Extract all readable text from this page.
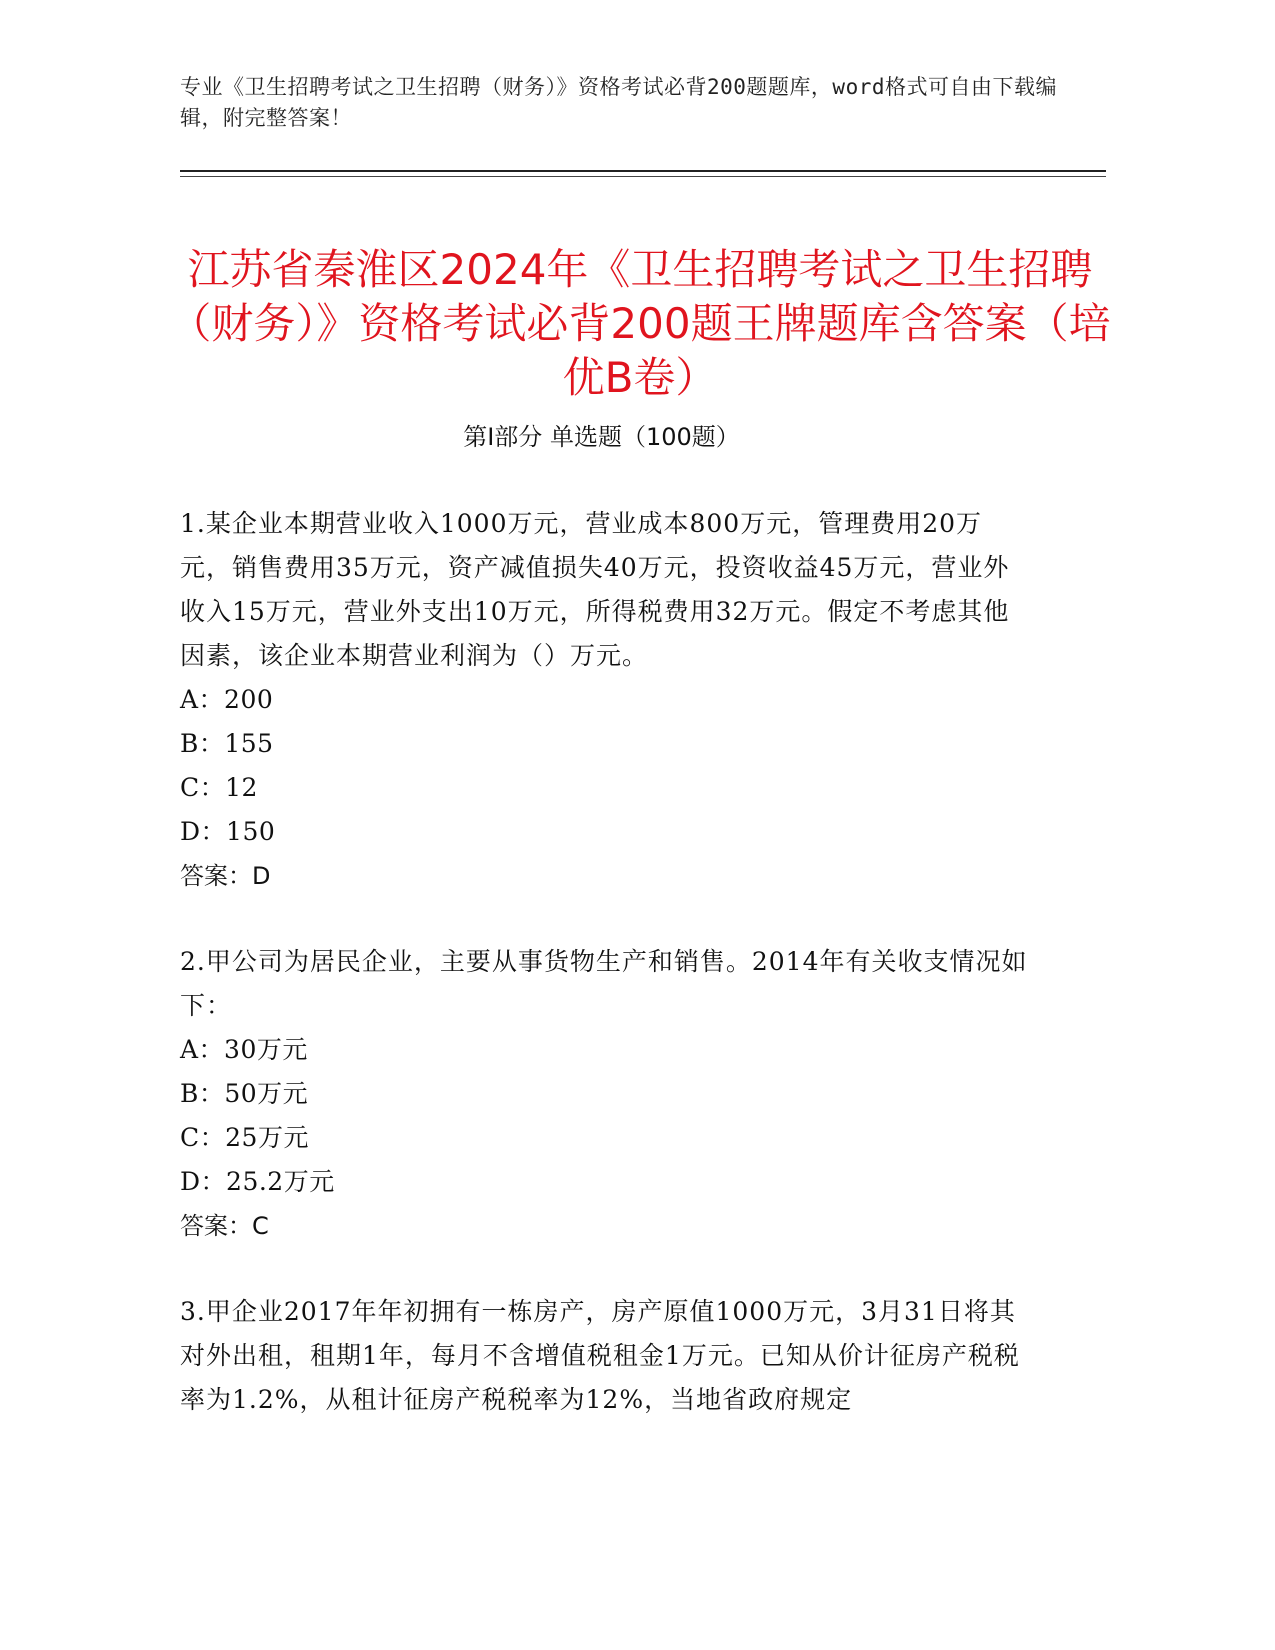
专业《卫生招聘考试之卫生招聘（财务）》资格考试必背200题题库，word格式可自由下载编辑，附完整答案！
江苏省秦淮区2024年《卫生招聘考试之卫生招聘（财务）》资格考试必背200题王牌题库含答案（培优B卷）
第Ⅰ部分 单选题（100题）
1.某企业本期营业收入1000万元，营业成本800万元，管理费用20万元，销售费用35万元，资产减值损失40万元，投资收益45万元，营业外收入15万元，营业外支出10万元，所得税费用32万元。假定不考虑其他因素，该企业本期营业利润为（）万元。
A：200
B：155
C：12
D：150
答案：D
2.甲公司为居民企业，主要从事货物生产和销售。2014年有关收支情况如下：
A：30万元
B：50万元
C：25万元
D：25.2万元
答案：C
3.甲企业2017年年初拥有一栋房产，房产原值1000万元，3月31日将其对外出租，租期1年，每月不含增值税租金1万元。已知从价计征房产税税率为1.2%，从租计征房产税税率为12%，当地省政府规定
